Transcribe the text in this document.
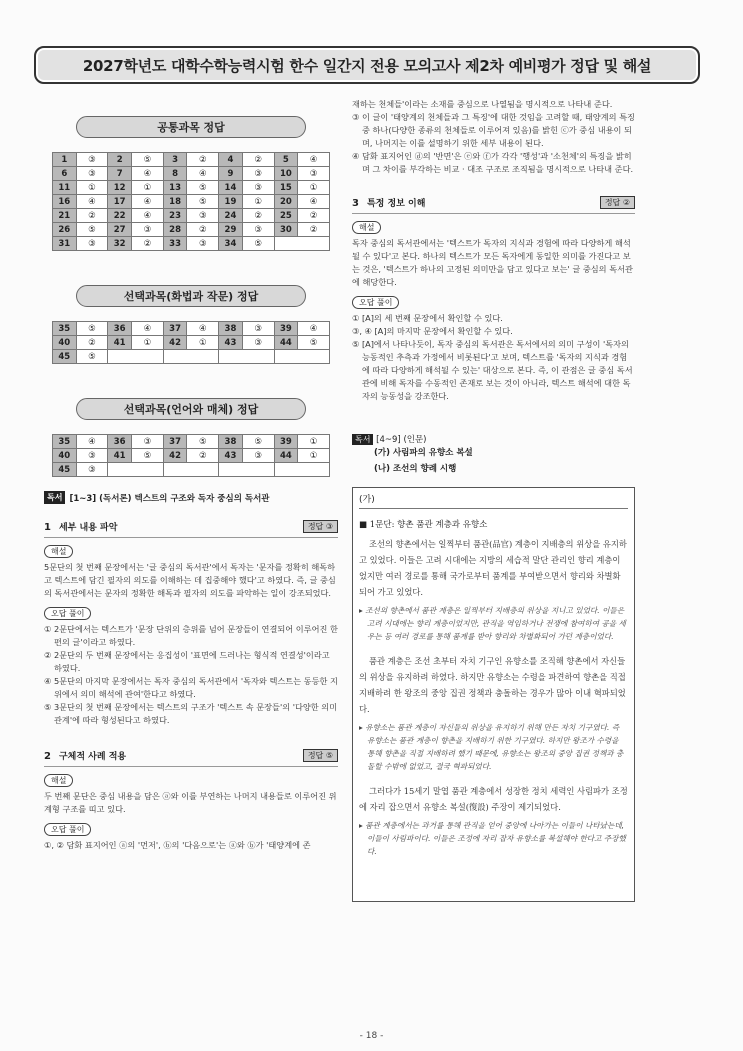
2027학년도 대학수학능력시험 한수 일간지 전용 모의고사 제2차 예비평가 정답 및 해설
공통과목 정답
1	③	2	⑤	3	②	4	②	5	④
6	③	7	④	8	④	9	③	10	③
11	①	12	①	13	⑤	14	③	15	①
16	④	17	④	18	⑤	19	①	20	④
21	②	22	④	23	③	24	②	25	②
26	⑤	27	③	28	②	29	③	30	②
31	③	32	②	33	③	34	⑤		
선택과목(화법과 작문) 정답
35	⑤	36	④	37	④	38	③	39	④
40	②	41	①	42	①	43	③	44	⑤
45	⑤								
선택과목(언어와 매체) 정답
35	④	36	③	37	⑤	38	⑤	39	①
40	③	41	⑤	42	②	43	③	44	①
45	③								
독서 [1~3] (독서론) 텍스트의 구조와 독자 중심의 독서관
1 세부 내용 파악	정답 ③
해설

5문단의 첫 번째 문장에서는 '글 중심의 독서관'에서 독자는 '문자를 정확히 해독하고 텍스트에 담긴 필자의 의도를 이해하는 데 집중해야 했다'고 하였다. 즉, 글 중심의 독서관에서는 문자의 정확한 해독과 필자의 의도를 파악하는 일이 강조되었다.

오답 풀이

① 2문단에서는 텍스트가 '문장 단위의 층위를 넘어 문장들이 연결되어 이루어진 한 편의 글'이라고 하였다.

② 2문단의 두 번째 문장에서는 응집성이 '표면에 드러나는 형식적 연결성'이라고 하였다.

④ 5문단의 마지막 문장에서는 독자 중심의 독서관에서 '독자와 텍스트는 동등한 지위에서 의미 해석에 관여'한다고 하였다.

⑤ 3문단의 첫 번째 문장에서는 텍스트의 구조가 '텍스트 속 문장들'의 '다양한 의미 관계'에 따라 형성된다고 하였다.

2 구체적 사례 적용	정답 ⑤
해설

두 번째 문단은 중심 내용을 담은 ⓐ와 이를 부연하는 나머지 내용들로 이루어진 위계형 구조를 띠고 있다.

오답 풀이

①, ② 담화 표지어인 ⓐ의 '먼저', ⓑ의 '다음으로'는 ⓐ와 ⓑ가 '태양계에 존

재하는 천체들'이라는 소재를 중심으로 나열됨을 명시적으로 나타내 준다.

③ 이 글이 '태양계의 천체들과 그 특징'에 대한 것임을 고려할 때, 태양계의 특징 중 하나(다양한 종류의 천체들로 이루어져 있음)를 밝힌 ⓒ가 중심 내용이 되며, 나머지는 이를 설명하기 위한 세부 내용이 된다.

④ 담화 표지어인 ⓓ의 '반면'은 ⓔ와 ⓕ가 각각 '행성'과 '소천체'의 특징을 밝히며 그 차이를 부각하는 비교 · 대조 구조로 조직됨을 명시적으로 나타내 준다.

3 특정 정보 이해	정답 ②
해설

독자 중심의 독서관에서는 '텍스트가 독자의 지식과 경험에 따라 다양하게 해석될 수 있다'고 본다. 하나의 텍스트가 모든 독자에게 동일한 의미를 가진다고 보는 것은, '텍스트가 하나의 고정된 의미만을 담고 있다고 보는' 글 중심의 독서관에 해당한다.

오답 풀이

① [A]의 세 번째 문장에서 확인할 수 있다.

③, ④ [A]의 마지막 문장에서 확인할 수 있다.

⑤ [A]에서 나타나듯이, 독자 중심의 독서관은 독서에서의 의미 구성이 '독자의 능동적인 추측과 가정에서 비롯된다'고 보며, 텍스트를 '독자의 지식과 경험에 따라 다양하게 해석될 수 있는' 대상으로 본다. 즉, 이 관점은 글 중심 독서관에 비해 독자를 수동적인 존재로 보는 것이 아니라, 텍스트 해석에 대한 독자의 능동성을 강조한다.

독서 [4~9] (인문)
(가) 사림파의 유향소 복설
(나) 조선의 향례 시행
(가)
■ 1문단: 향촌 품관 계층과 유향소

조선의 향촌에서는 일찍부터 품관(品官) 계층이 지배층의 위상을 유지하고 있었다. 이들은 고려 시대에는 지방의 세습적 말단 관리인 향리 계층이었지만 여러 경로를 통해 국가로부터 품계를 부여받으면서 향리와 차별화되어 가고 있었다.

▸ 조선의 향촌에서 품관 계층은 일찍부터 지배층의 위상을 지니고 있었다. 이들은 고려 시대에는 향리 계층이었지만, 관직을 역임하거나 전쟁에 참여하여 공을 세우는 등 여러 경로를 통해 품계를 받아 향리와 차별화되어 가던 계층이었다.

품관 계층은 조선 초부터 자치 기구인 유향소를 조직해 향촌에서 자신들의 위상을 유지하려 하였다. 하지만 유향소는 수령을 파견하여 향촌을 직접 지배하려 한 왕조의 중앙 집권 정책과 충돌하는 경우가 많아 이내 혁파되었다.

▸ 유향소는 품관 계층이 자신들의 위상을 유지하기 위해 만든 자치 기구였다. 즉 유향소는 품관 계층이 향촌을 지배하기 위한 기구였다. 하지만 왕조가 수령을 통해 향촌을 직접 지배하려 했기 때문에, 유향소는 왕조의 중앙 집권 정책과 충돌할 수밖에 없었고, 결국 혁파되었다.

그러다가 15세기 말엽 품관 계층에서 성장한 정치 세력인 사림파가 조정에 자리 잡으면서 유향소 복설(復設) 주장이 제기되었다.

▸ 품관 계층에서는 과거를 통해 관직을 얻어 중앙에 나아가는 이들이 나타났는데, 이들이 사림파이다. 이들은 조정에 자리 잡자 유향소를 복설해야 한다고 주장했다.

- 18 -
